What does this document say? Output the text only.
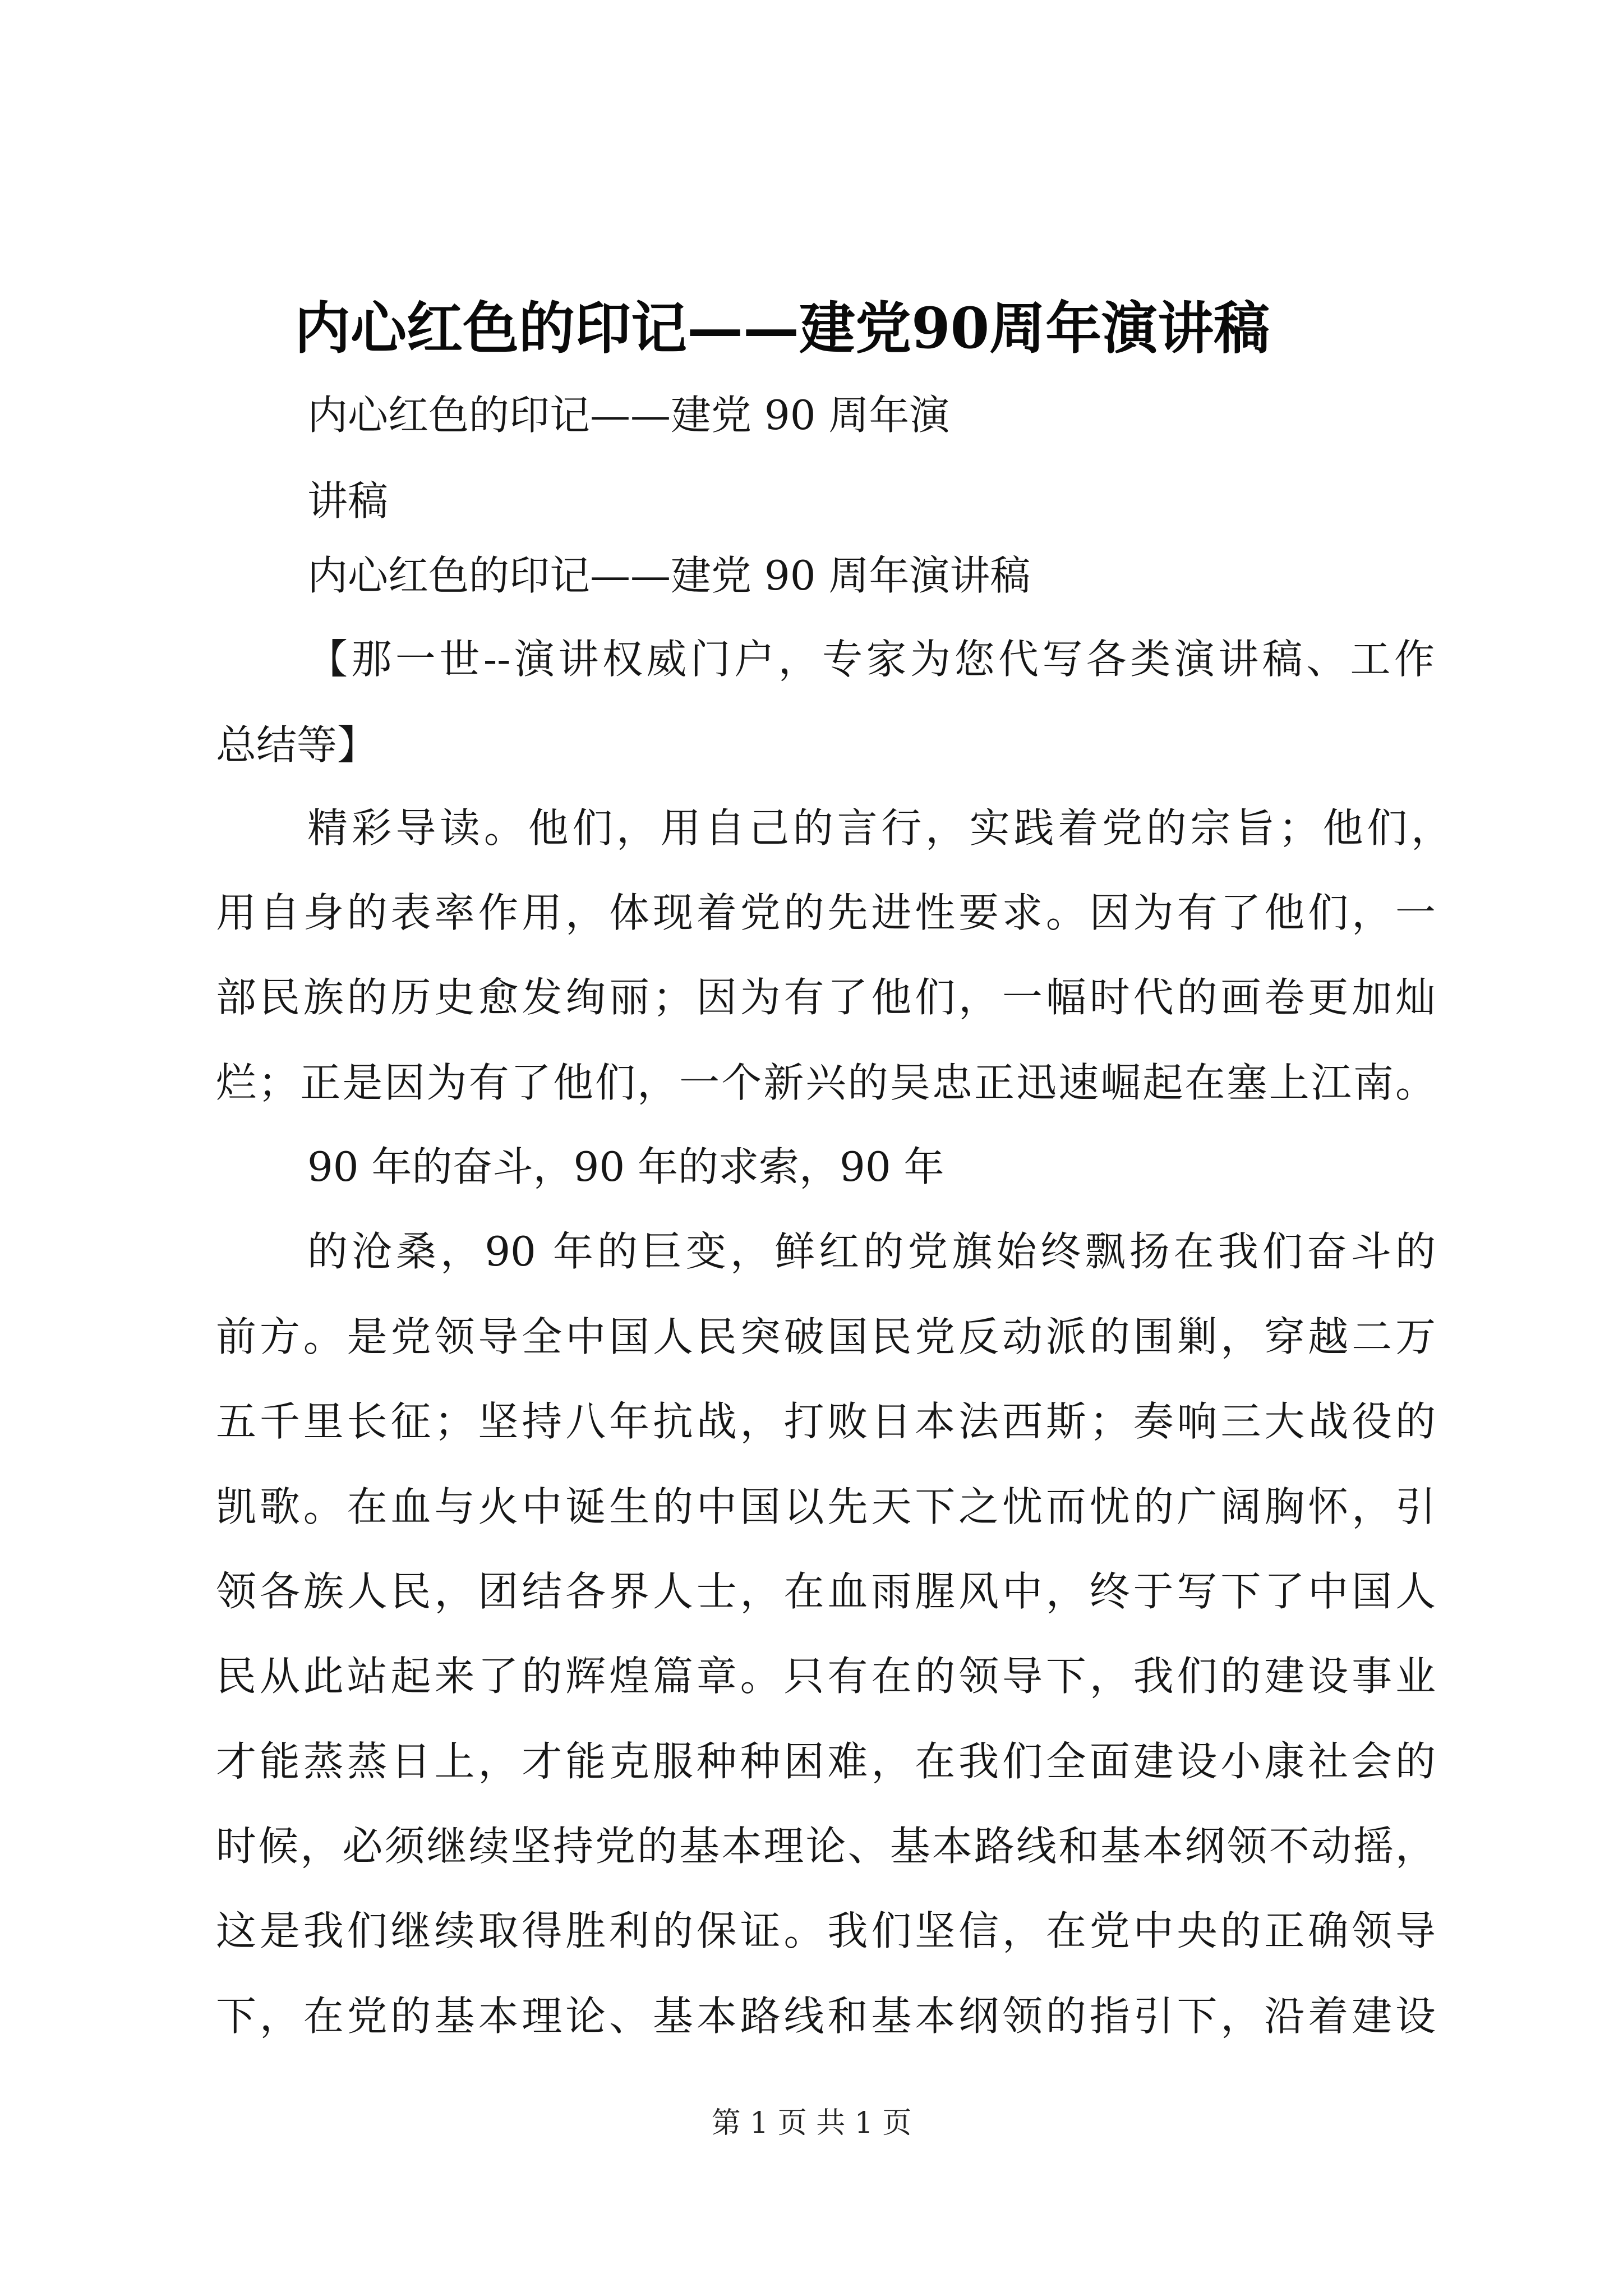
内心红色的印记——建党90周年演讲稿
内心红色的印记——建党 90 周年演
讲稿
内心红色的印记——建党 90 周年演讲稿
【那一世--演讲权威门户，专家为您代写各类演讲稿、工作
总结等】
精彩导读。他们，用自己的言行，实践着党的宗旨；他们，
用自身的表率作用，体现着党的先进性要求。因为有了他们，一
部民族的历史愈发绚丽；因为有了他们，一幅时代的画卷更加灿
烂；正是因为有了他们，一个新兴的吴忠正迅速崛起在塞上江南。
90 年的奋斗，90 年的求索，90 年
的沧桑，90 年的巨变，鲜红的党旗始终飘扬在我们奋斗的
前方。是党领导全中国人民突破国民党反动派的围剿，穿越二万
五千里长征；坚持八年抗战，打败日本法西斯；奏响三大战役的
凯歌。在血与火中诞生的中国以先天下之忧而忧的广阔胸怀，引
领各族人民，团结各界人士，在血雨腥风中，终于写下了中国人
民从此站起来了的辉煌篇章。只有在的领导下，我们的建设事业
才能蒸蒸日上，才能克服种种困难，在我们全面建设小康社会的
时候，必须继续坚持党的基本理论、基本路线和基本纲领不动摇，
这是我们继续取得胜利的保证。我们坚信，在党中央的正确领导
下，在党的基本理论、基本路线和基本纲领的指引下，沿着建设
第 1 页 共 1 页
